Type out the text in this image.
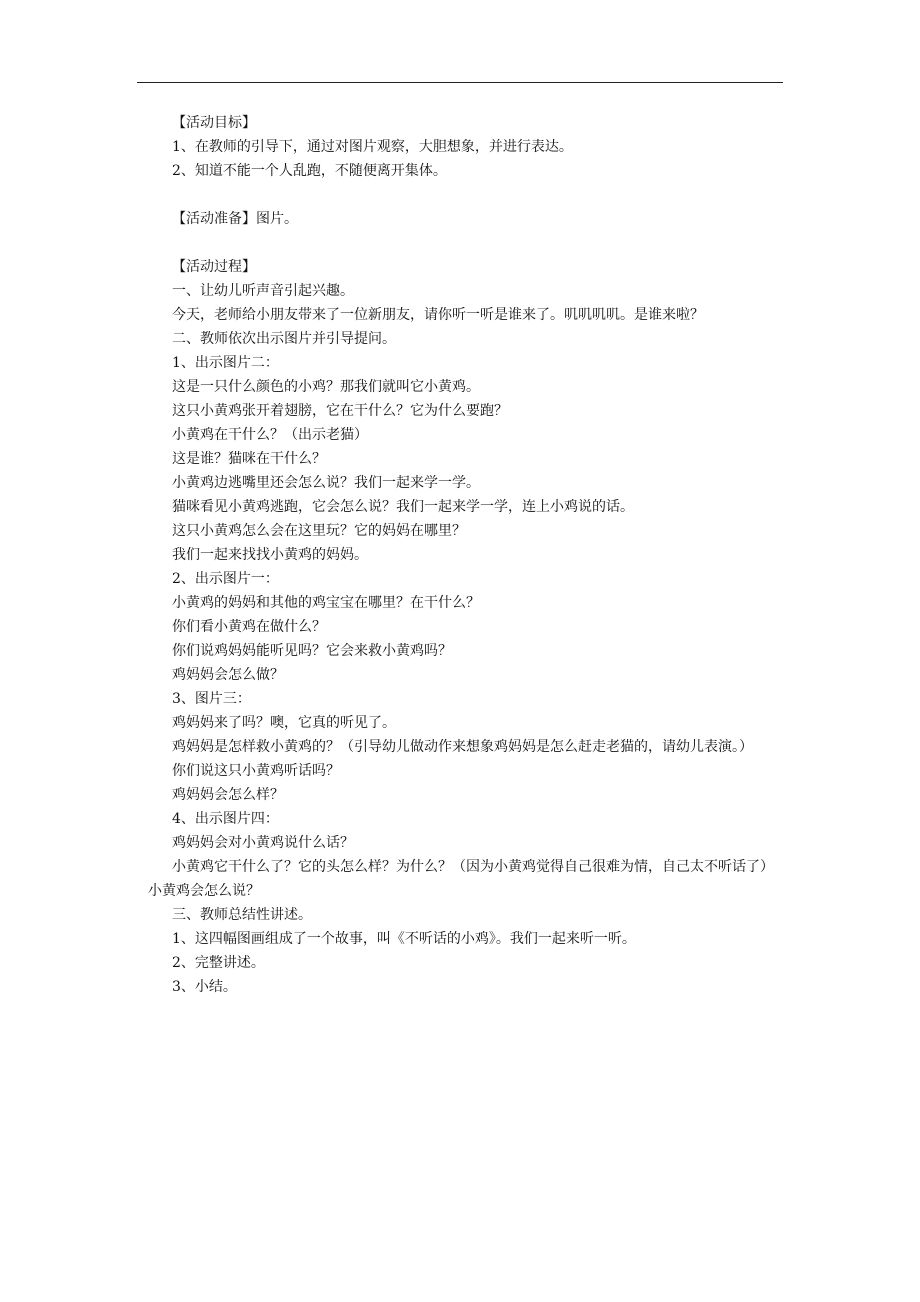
【活动目标】
1、在教师的引导下，通过对图片观察，大胆想象，并进行表达。
2、知道不能一个人乱跑，不随便离开集体。
【活动准备】图片。
【活动过程】
一、让幼儿听声音引起兴趣。
今天，老师给小朋友带来了一位新朋友，请你听一听是谁来了。叽叽叽叽。是谁来啦？
二、教师依次出示图片并引导提问。
1、出示图片二：
这是一只什么颜色的小鸡？那我们就叫它小黄鸡。
这只小黄鸡张开着翅膀，它在干什么？它为什么要跑？
小黄鸡在干什么？（出示老猫）
这是谁？猫咪在干什么？
小黄鸡边逃嘴里还会怎么说？我们一起来学一学。
猫咪看见小黄鸡逃跑，它会怎么说？我们一起来学一学，连上小鸡说的话。
这只小黄鸡怎么会在这里玩？它的妈妈在哪里？
我们一起来找找小黄鸡的妈妈。
2、出示图片一：
小黄鸡的妈妈和其他的鸡宝宝在哪里？在干什么？
你们看小黄鸡在做什么？
你们说鸡妈妈能听见吗？它会来救小黄鸡吗？
鸡妈妈会怎么做？
3、图片三：
鸡妈妈来了吗？噢，它真的听见了。
鸡妈妈是怎样救小黄鸡的？（引导幼儿做动作来想象鸡妈妈是怎么赶走老猫的，请幼儿表演。）
你们说这只小黄鸡听话吗？
鸡妈妈会怎么样？
4、出示图片四：
鸡妈妈会对小黄鸡说什么话？
小黄鸡它干什么了？它的头怎么样？为什么？（因为小黄鸡觉得自己很难为情，自己太不听话了）小黄鸡会怎么说？
三、教师总结性讲述。
1、这四幅图画组成了一个故事，叫《不听话的小鸡》。我们一起来听一听。
2、完整讲述。
3、小结。
